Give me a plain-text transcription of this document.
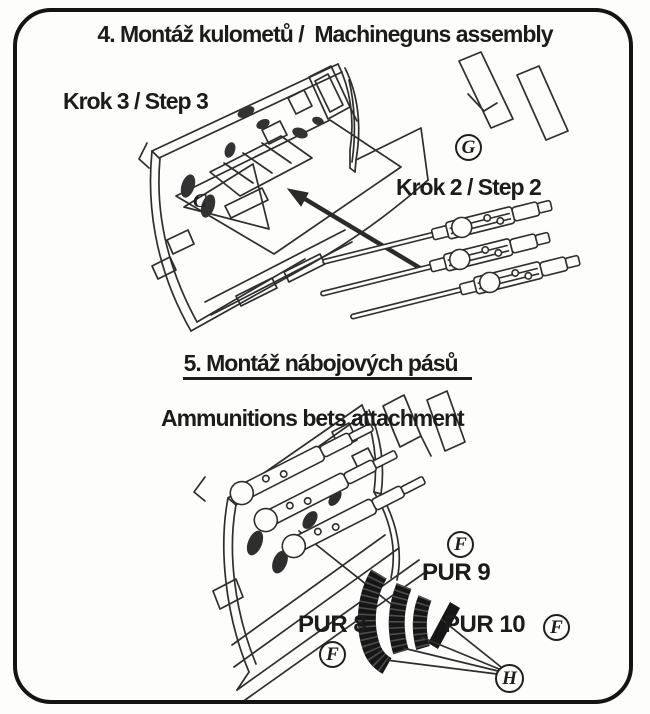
4. Montáž kulometů /  Machineguns assembly
Krok 3 / Step 3
Krok 2 / Step 2
G
C

5. Montáž nábojových pásů

Ammunitions bets attachment

PUR 9
PUR 8	PUR 10
F
F
F
H
